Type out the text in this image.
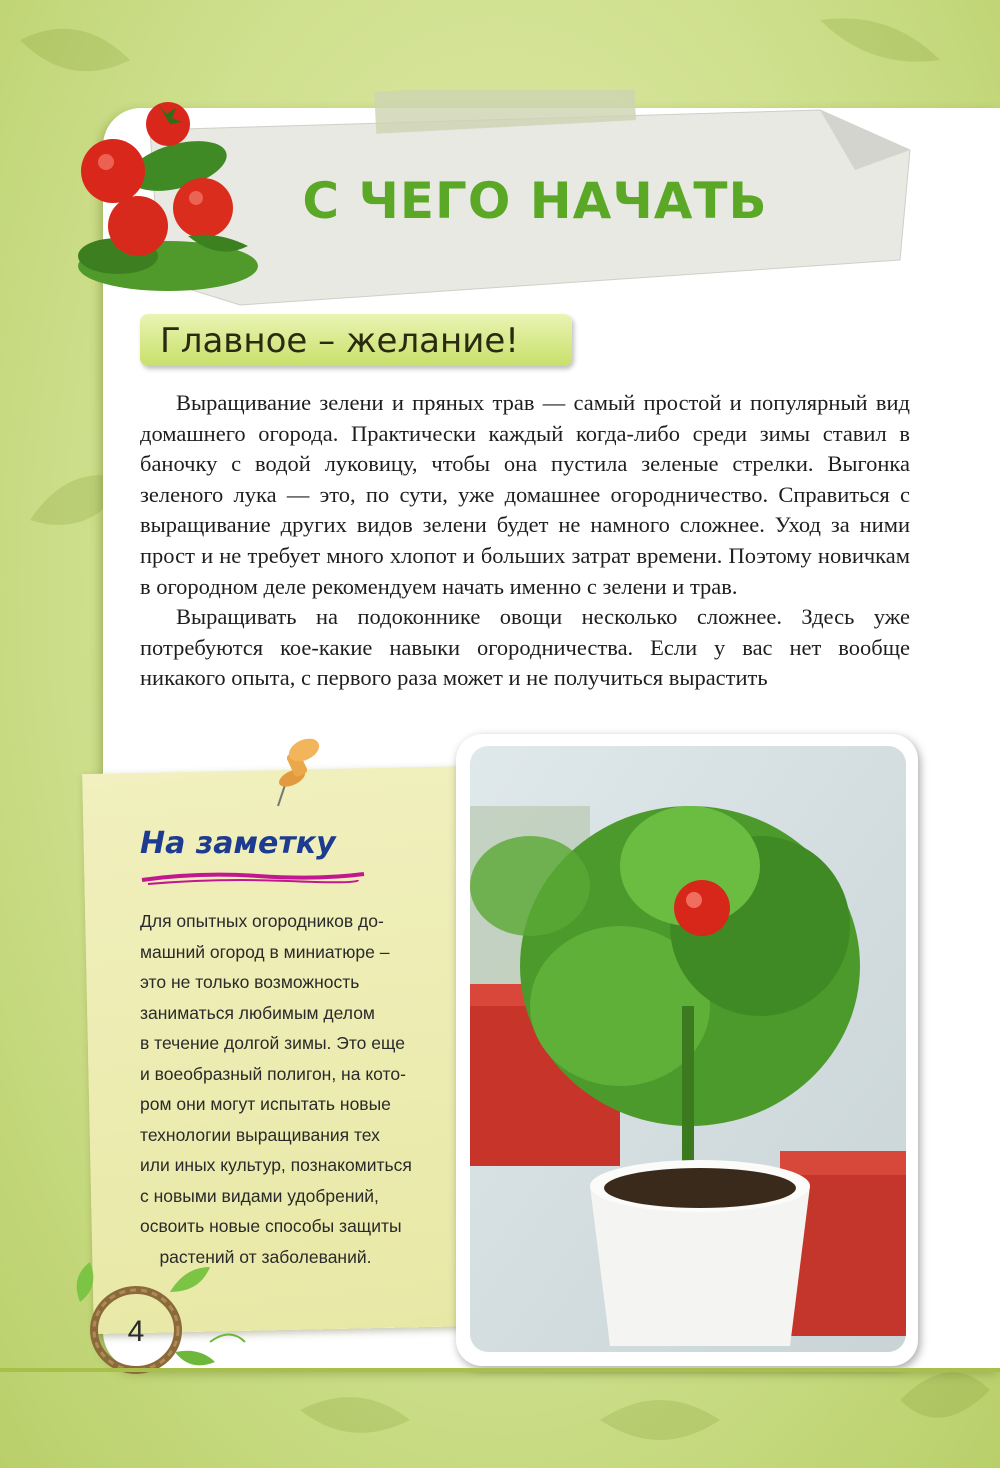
С ЧЕГО НАЧАТЬ
Главное – желание!

Выращивание зелени и пряных трав — самый простой и популярный вид домашнего огорода. Практически каждый когда-либо среди зимы ставил в баночку с водой луковицу, чтобы она пустила зеленые стрелки. Выгонка зеленого лука — это, по сути, уже домашнее огородничество. Справиться с выращивание других видов зелени будет не намного сложнее. Уход за ними прост и не требует много хлопот и больших затрат времени. Поэтому новичкам в огородном деле рекомендуем начать именно с зелени и трав.

Выращивать на подоконнике овощи несколько сложнее. Здесь уже потребуются кое-какие навыки огородничества. Если у вас нет вообще никакого опыта, с первого раза может и не получиться вырастить

На заметку
Для опытных огородников до-
машний огород в миниатюре –
это не только возможность
заниматься любимым делом
в течение долгой зимы. Это еще
и воеобразный полигон, на кото-
ром они могут испытать новые
технологии выращивания тех
или иных культур, познакомиться
с новыми видами удобрений,
освоить новые способы защиты
растений от заболеваний.
4
